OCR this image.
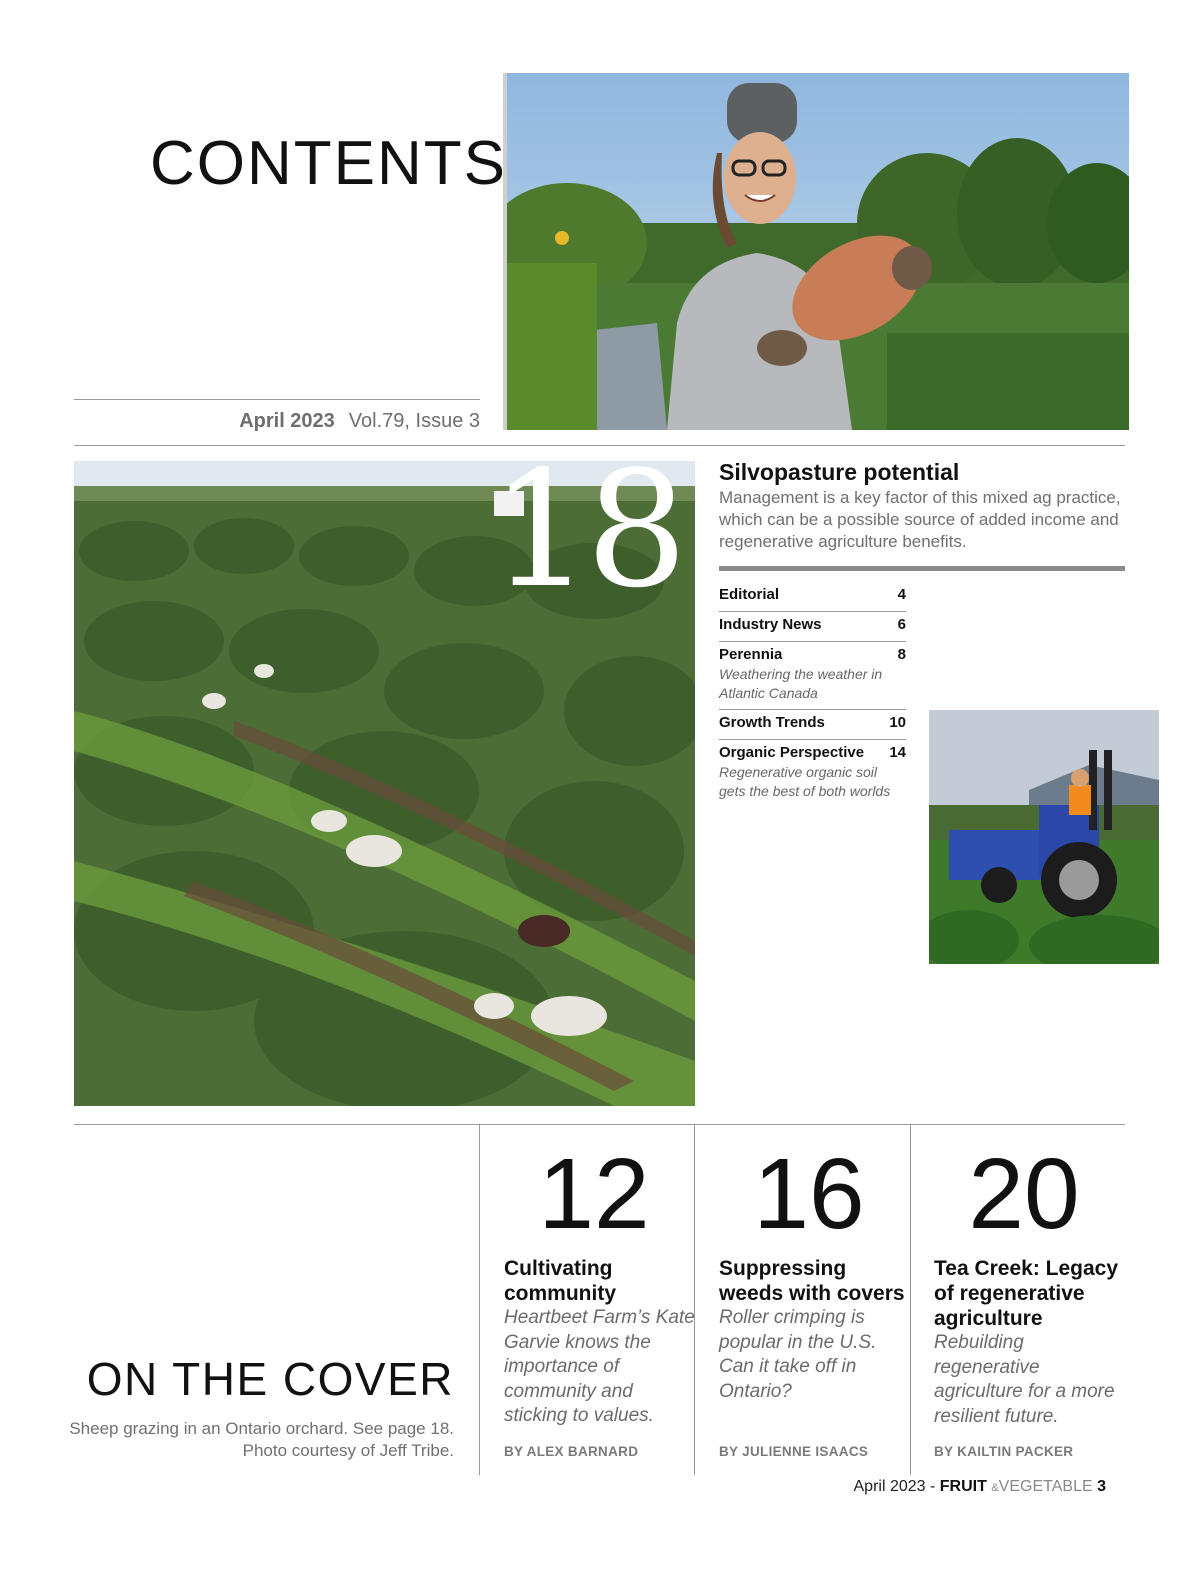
CONTENTS
April 2023 Vol.79, Issue 3
18 Silvopasture potential
Management is a key factor of this mixed ag practice, which can be a possible source of added income and regenerative agriculture benefits.
Editorial	4
Industry News	6
Perennia	8
Weathering the weather in Atlantic Canada
Growth Trends	10
Organic Perspective 14
Regenerative organic soil gets the best of both worlds
ON THE COVER
Sheep grazing in an Ontario orchard. See page 18. Photo courtesy of Jeff Tribe.
12
Cultivating community
Heartbeet Farm’s Kate Garvie knows the importance of community and sticking to values.
BY ALEX BARNARD
16
Suppressing weeds with covers
Roller crimping is popular in the U.S. Can it take off in Ontario?
BY JULIENNE ISAACS
20
Tea Creek: Legacy of regenerative agriculture
Rebuilding regenerative agriculture for a more resilient future.
BY KAILTIN PACKER
April 2023 - FRUIT &VEGETABLE 3
